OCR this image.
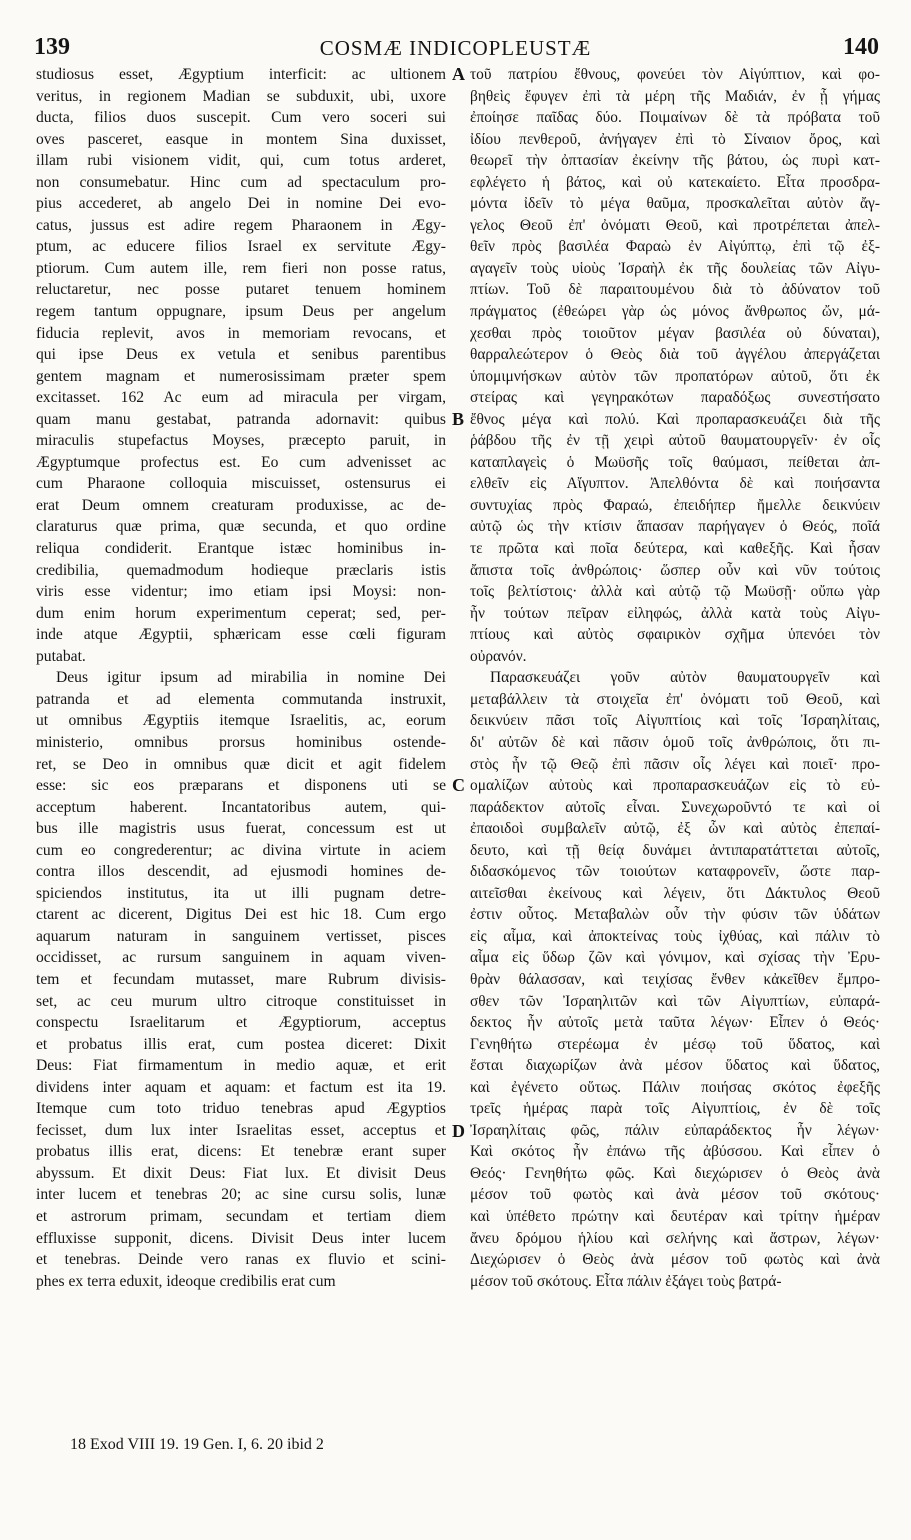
139	COSMÆ INDICOPLEUSTÆ	140
studiosus esset, Ægyptium interficit: ac ultionem
veritus, in regionem Madian se subduxit, ubi, uxore
ducta, filios duos suscepit. Cum vero soceri sui
oves pasceret, easque in montem Sina duxisset,
illam rubi visionem vidit, qui, cum totus arderet,
non consumebatur. Hinc cum ad spectaculum pro-
pius accederet, ab angelo Dei in nomine Dei evo-
catus, jussus est adire regem Pharaonem in Ægy-
ptum, ac educere filios Israel ex servitute Ægy-
ptiorum. Cum autem ille, rem fieri non posse ratus,
reluctaretur, nec posse putaret tenuem hominem
regem tantum oppugnare, ipsum Deus per angelum
fiducia replevit, avos in memoriam revocans, et
qui ipse Deus ex vetula et senibus parentibus
gentem magnam et numerosissimam præter spem
excitasset. 162 Ac eum ad miracula per virgam,
quam manu gestabat, patranda adornavit: quibus
miraculis stupefactus Moyses, præcepto paruit, in
Ægyptumque profectus est. Eo cum advenisset ac
cum Pharaone colloquia miscuisset, ostensurus ei
erat Deum omnem creaturam produxisse, ac de-
claraturus quæ prima, quæ secunda, et quo ordine
reliqua condiderit. Erantque istæc hominibus in-
credibilia, quemadmodum hodieque præclaris istis
viris esse videntur; imo etiam ipsi Moysi: non-
dum enim horum experimentum ceperat; sed, per-
inde atque Ægyptii, sphæricam esse cœli figuram
putabat.
Deus igitur ipsum ad mirabilia in nomine Dei
patranda et ad elementa commutanda instruxit,
ut omnibus Ægyptiis itemque Israelitis, ac, eorum
ministerio, omnibus prorsus hominibus ostende-
ret, se Deo in omnibus quæ dicit et agit fidelem
esse: sic eos præparans et disponens uti se
acceptum haberent. Incantatoribus autem, qui-
bus ille magistris usus fuerat, concessum est ut
cum eo congrederentur; ac divina virtute in aciem
contra illos descendit, ad ejusmodi homines de-
spiciendos institutus, ita ut illi pugnam detre-
ctarent ac dicerent, Digitus Dei est hic 18. Cum ergo
aquarum naturam in sanguinem vertisset, pisces
occidisset, ac rursum sanguinem in aquam viven-
tem et fecundam mutasset, mare Rubrum divisis-
set, ac ceu murum ultro citroque constituisset in
conspectu Israelitarum et Ægyptiorum, acceptus
et probatus illis erat, cum postea diceret: Dixit
Deus: Fiat firmamentum in medio aquæ, et erit
dividens inter aquam et aquam: et factum est ita 19.
Itemque cum toto triduo tenebras apud Ægyptios
fecisset, dum lux inter Israelitas esset, acceptus et
probatus illis erat, dicens: Et tenebræ erant super
abyssum. Et dixit Deus: Fiat lux. Et divisit Deus
inter lucem et tenebras 20; ac sine cursu solis, lunæ
et astrorum primam, secundam et tertiam diem
effluxisse supponit, dicens. Divisit Deus inter lucem
et tenebras. Deinde vero ranas ex fluvio et scini-
phes ex terra eduxit, ideoque credibilis erat cum
τοῦ πατρίου ἔθνους, φονεύει τὸν Αἰγύπτιον, καὶ φο-
βηθεὶς ἔφυγεν ἐπὶ τὰ μέρη τῆς Μαδιάν, ἐν ᾗ γήμας
ἐποίησε παῖδας δύο. Ποιμαίνων δὲ τὰ πρόβατα τοῦ
ἰδίου πενθεροῦ, ἀνήγαγεν ἐπὶ τὸ Σίναιον ὄρος, καὶ
θεωρεῖ τὴν ὀπτασίαν ἐκείνην τῆς βάτου, ὡς πυρὶ κατ-
εφλέγετο ἡ βάτος, καὶ οὐ κατεκαίετο. Εἶτα προσδρα-
μόντα ἰδεῖν τὸ μέγα θαῦμα, προσκαλεῖται αὐτὸν ἄγ-
γελος Θεοῦ ἐπ' ὀνόματι Θεοῦ, καὶ προτρέπεται ἀπελ-
θεῖν πρὸς βασιλέα Φαραὼ ἐν Αἰγύπτῳ, ἐπὶ τῷ ἐξ-
αγαγεῖν τοὺς υἱοὺς Ἰσραὴλ ἐκ τῆς δουλείας τῶν Αἰγυ-
πτίων. Τοῦ δὲ παραιτουμένου διὰ τὸ ἀδύνατον τοῦ
πράγματος (ἐθεώρει γὰρ ὡς μόνος ἄνθρωπος ὤν, μά-
χεσθαι πρὸς τοιοῦτον μέγαν βασιλέα οὐ δύναται),
θαρραλεώτερον ὁ Θεὸς διὰ τοῦ ἀγγέλου ἀπεργάζεται
ὑπομιμνήσκων αὐτὸν τῶν προπατόρων αὐτοῦ, ὅτι ἐκ
στείρας καὶ γεγηρακότων παραδόξως συνεστήσατο
ἔθνος μέγα καὶ πολύ. Καὶ προπαρασκευάζει διὰ τῆς
ῥάβδου τῆς ἐν τῇ χειρὶ αὐτοῦ θαυματουργεῖν· ἐν οἷς
καταπλαγεὶς ὁ Μωϋσῆς τοῖς θαύμασι, πείθεται ἀπ-
ελθεῖν εἰς Αἴγυπτον. Ἀπελθόντα δὲ καὶ ποιήσαντα
συντυχίας πρὸς Φαραώ, ἐπειδήπερ ἤμελλε δεικνύειν
αὐτῷ ὡς τὴν κτίσιν ἅπασαν παρήγαγεν ὁ Θεός, ποῖά
τε πρῶτα καὶ ποῖα δεύτερα, καὶ καθεξῆς. Καὶ ἦσαν
ἄπιστα τοῖς ἀνθρώποις· ὥσπερ οὖν καὶ νῦν τούτοις
τοῖς βελτίστοις· ἀλλὰ καὶ αὐτῷ τῷ Μωϋσῇ· οὔπω γὰρ
ἦν τούτων πεῖραν εἰληφώς, ἀλλὰ κατὰ τοὺς Αἰγυ-
πτίους καὶ αὐτὸς σφαιρικὸν σχῆμα ὑπενόει τὸν
οὐρανόν.
Παρασκευάζει γοῦν αὐτὸν θαυματουργεῖν καὶ
μεταβάλλειν τὰ στοιχεῖα ἐπ' ὀνόματι τοῦ Θεοῦ, καὶ
δεικνύειν πᾶσι τοῖς Αἰγυπτίοις καὶ τοῖς Ἰσραηλίταις,
δι' αὐτῶν δὲ καὶ πᾶσιν ὁμοῦ τοῖς ἀνθρώποις, ὅτι πι-
στὸς ἦν τῷ Θεῷ ἐπὶ πᾶσιν οἷς λέγει καὶ ποιεῖ· προ-
ομαλίζων αὐτοὺς καὶ προπαρασκευάζων εἰς τὸ εὐ-
παράδεκτον αὐτοῖς εἶναι. Συνεχωροῦντό τε καὶ οἱ
ἐπαοιδοὶ συμβαλεῖν αὐτῷ, ἐξ ὧν καὶ αὐτὸς ἐπεπαί-
δευτο, καὶ τῇ θείᾳ δυνάμει ἀντιπαρατάττεται αὐτοῖς,
διδασκόμενος τῶν τοιούτων καταφρονεῖν, ὥστε παρ-
αιτεῖσθαι ἐκείνους καὶ λέγειν, ὅτι Δάκτυλος Θεοῦ
ἐστιν οὗτος. Μεταβαλὼν οὖν τὴν φύσιν τῶν ὑδάτων
εἰς αἷμα, καὶ ἀποκτείνας τοὺς ἰχθύας, καὶ πάλιν τὸ
αἷμα εἰς ὕδωρ ζῶν καὶ γόνιμον, καὶ σχίσας τὴν Ἐρυ-
θρὰν θάλασσαν, καὶ τειχίσας ἔνθεν κἀκεῖθεν ἔμπρο-
σθεν τῶν Ἰσραηλιτῶν καὶ τῶν Αἰγυπτίων, εὐπαρά-
δεκτος ἦν αὐτοῖς μετὰ ταῦτα λέγων· Εἶπεν ὁ Θεός·
Γενηθήτω στερέωμα ἐν μέσῳ τοῦ ὕδατος, καὶ
ἔσται διαχωρίζων ἀνὰ μέσον ὕδατος καὶ ὕδατος,
καὶ ἐγένετο οὕτως. Πάλιν ποιήσας σκότος ἐφεξῆς
τρεῖς ἡμέρας παρὰ τοῖς Αἰγυπτίοις, ἐν δὲ τοῖς
Ἰσραηλίταις φῶς, πάλιν εὐπαράδεκτος ἦν λέγων·
Καὶ σκότος ἦν ἐπάνω τῆς ἀβύσσου. Καὶ εἶπεν ὁ
Θεός· Γενηθήτω φῶς. Καὶ διεχώρισεν ὁ Θεὸς ἀνὰ
μέσον τοῦ φωτὸς καὶ ἀνὰ μέσον τοῦ σκότους·
καὶ ὑπέθετο πρώτην καὶ δευτέραν καὶ τρίτην ἡμέραν
ἄνευ δρόμου ἡλίου καὶ σελήνης καὶ ἄστρων, λέγων·
Διεχώρισεν ὁ Θεὸς ἀνὰ μέσον τοῦ φωτὸς καὶ ἀνὰ
μέσον τοῦ σκότους. Εἶτα πάλιν ἐξάγει τοὺς βατρά-
A
B
C
D
18 Exod VIII 19. 19 Gen. I, 6. 20 ibid 2
